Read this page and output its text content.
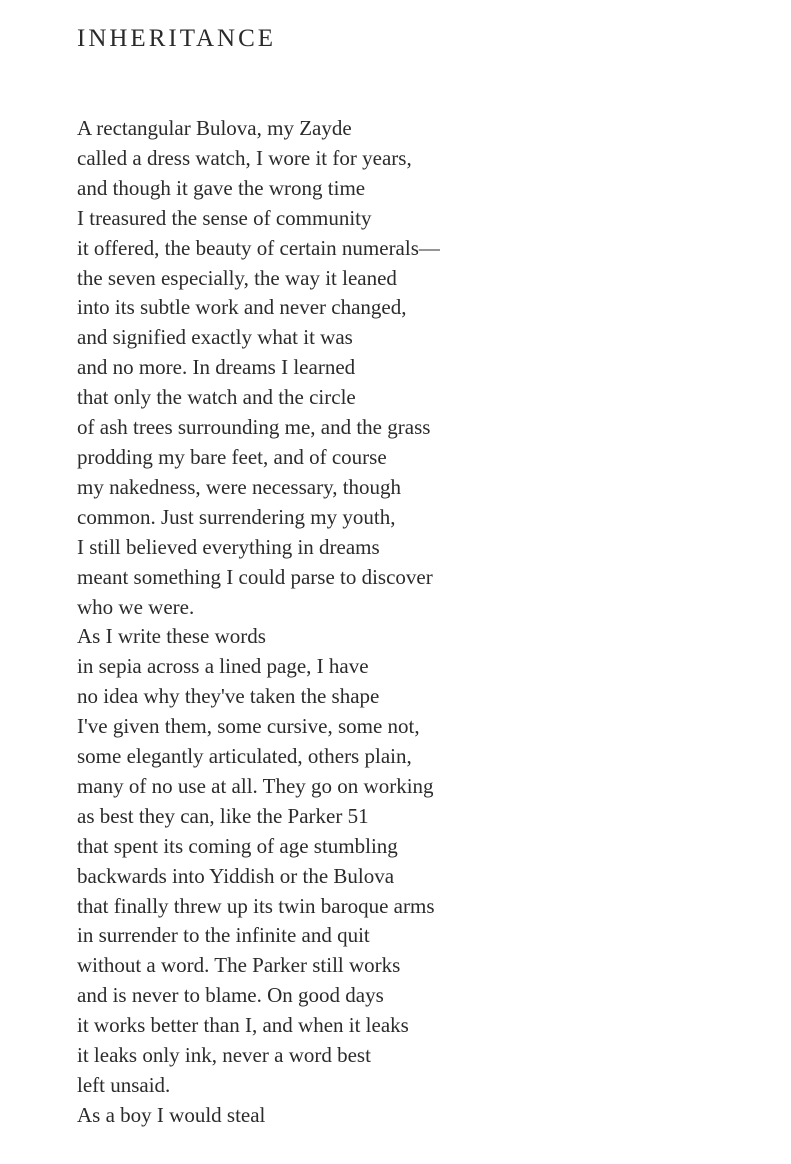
INHERITANCE
A rectangular Bulova, my Zayde
called a dress watch, I wore it for years,
and though it gave the wrong time
I treasured the sense of community
it offered, the beauty of certain numerals—
the seven especially, the way it leaned
into its subtle work and never changed,
and signified exactly what it was
and no more. In dreams I learned
that only the watch and the circle
of ash trees surrounding me, and the grass
prodding my bare feet, and of course
my nakedness, were necessary, though
common. Just surrendering my youth,
I still believed everything in dreams
meant something I could parse to discover
who we were.
As I write these words
in sepia across a lined page, I have
no idea why they've taken the shape
I've given them, some cursive, some not,
some elegantly articulated, others plain,
many of no use at all. They go on working
as best they can, like the Parker 51
that spent its coming of age stumbling
backwards into Yiddish or the Bulova
that finally threw up its twin baroque arms
in surrender to the infinite and quit
without a word. The Parker still works
and is never to blame. On good days
it works better than I, and when it leaks
it leaks only ink, never a word best
left unsaid.
As a boy I would steal
